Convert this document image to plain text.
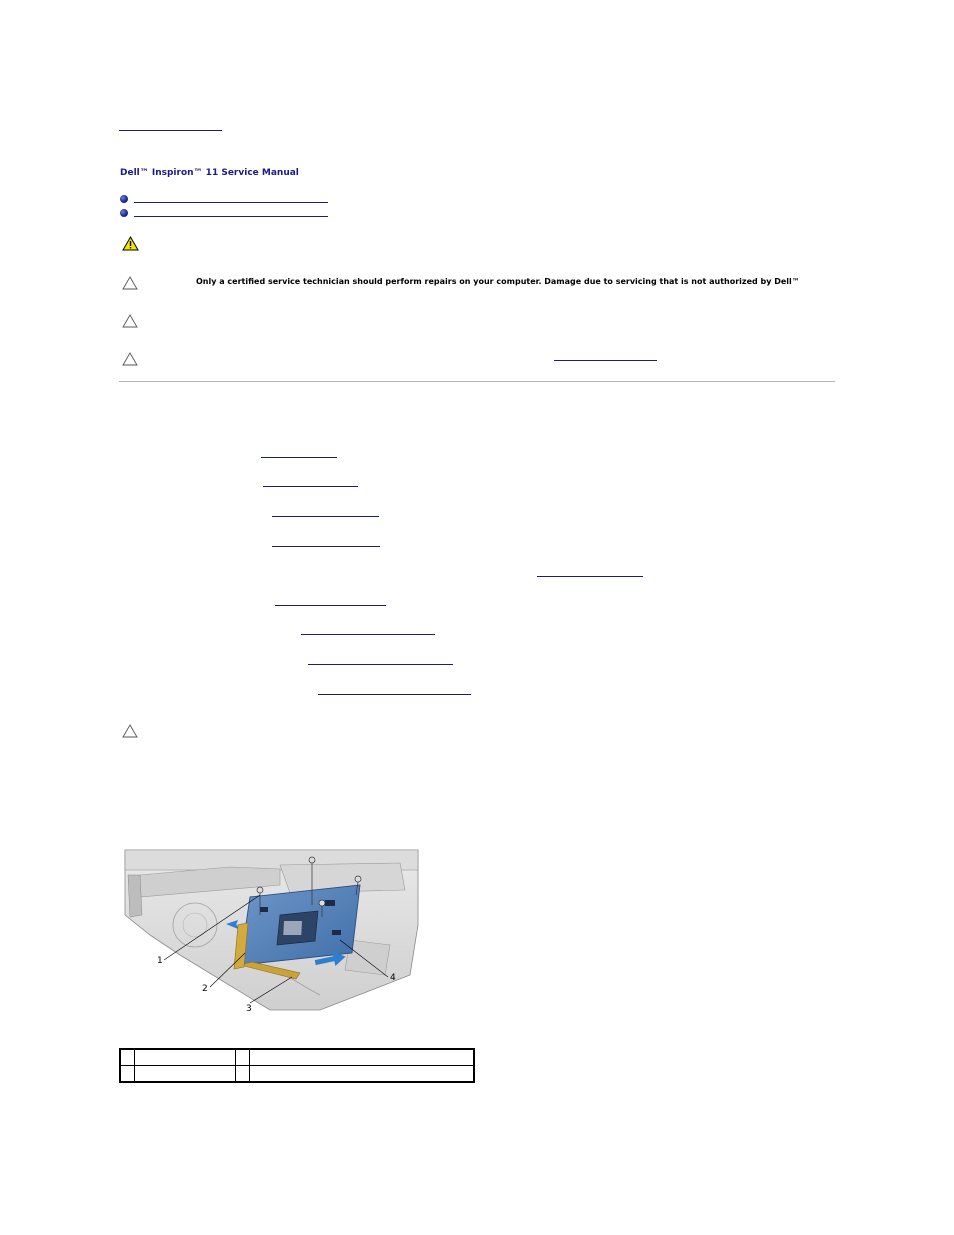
Dell™ Inspiron™ 11 Service Manual
Only a certified service technician should perform repairs on your computer. Damage due to servicing that is not authorized by Dell™
1
2
3
4
